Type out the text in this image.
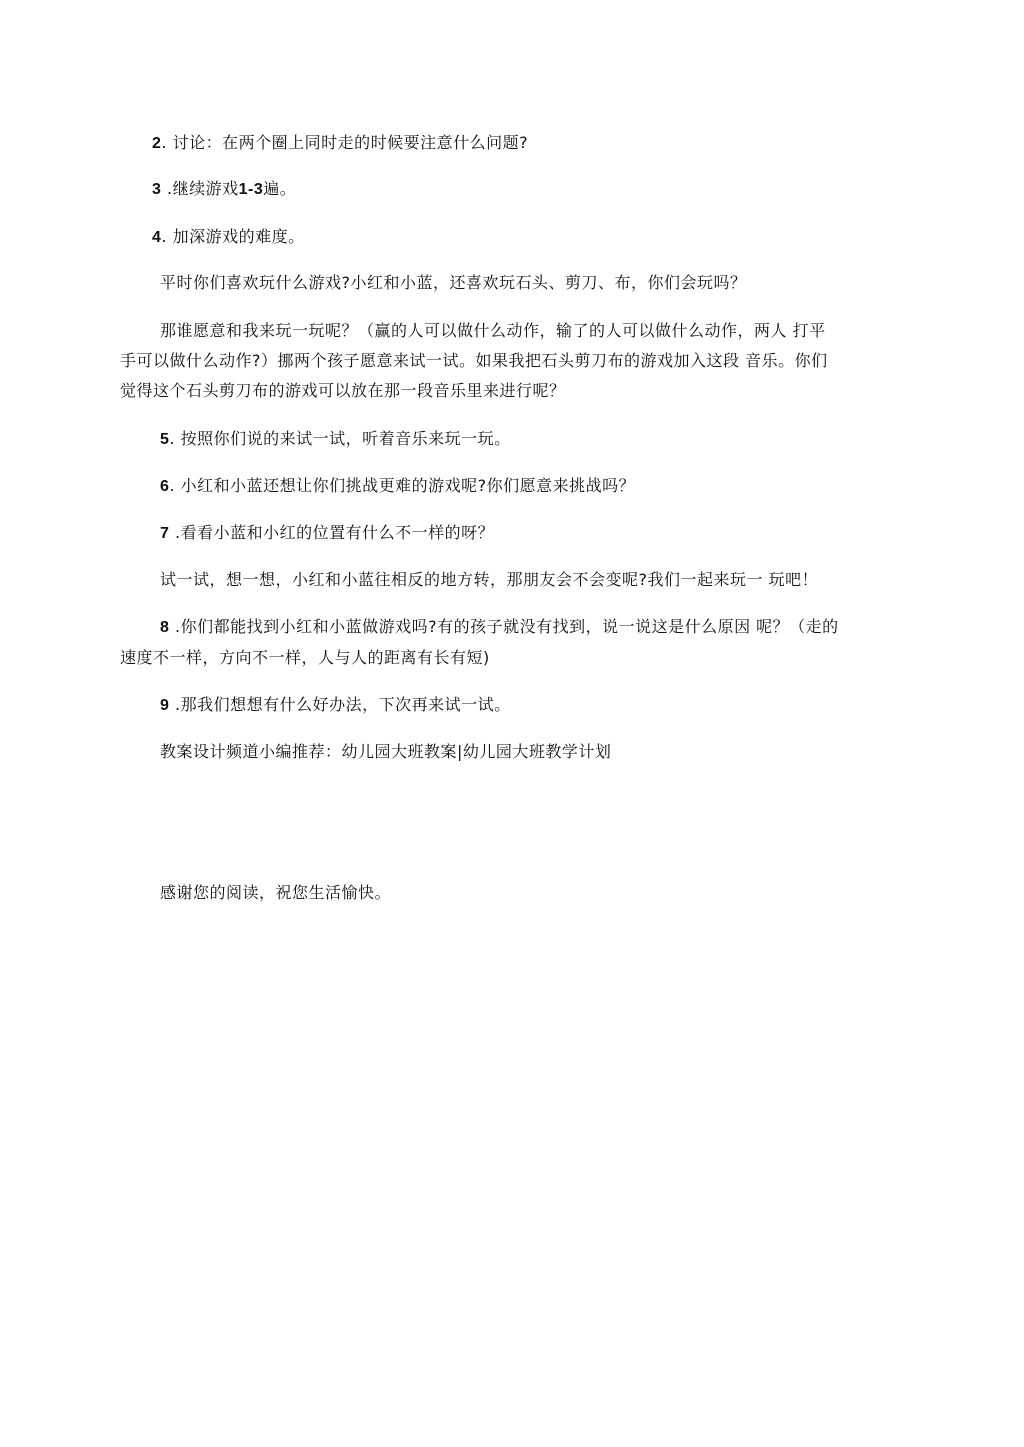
2. 讨论：在两个圈上同时走的时候要注意什么问题?
3 .继续游戏1-3遍。
4. 加深游戏的难度。
平时你们喜欢玩什么游戏?小红和小蓝，还喜欢玩石头、剪刀、布，你们会玩吗？
那谁愿意和我来玩一玩呢？（赢的人可以做什么动作，输了的人可以做什么动作，两人 打平
手可以做什么动作?）挪两个孩子愿意来试一试。如果我把石头剪刀布的游戏加入这段 音乐。你们
觉得这个石头剪刀布的游戏可以放在那一段音乐里来进行呢？
5. 按照你们说的来试一试，听着音乐来玩一玩。
6. 小红和小蓝还想让你们挑战更难的游戏呢?你们愿意来挑战吗？
7 .看看小蓝和小红的位置有什么不一样的呀？
试一试，想一想，小红和小蓝往相反的地方转，那朋友会不会变呢?我们一起来玩一 玩吧！
8 .你们都能找到小红和小蓝做游戏吗?有的孩子就没有找到，说一说这是什么原因 呢？（走的
速度不一样，方向不一样，人与人的距离有长有短)
9 .那我们想想有什么好办法，下次再来试一试。
教案设计频道小编推荐：幼儿园大班教案|幼儿园大班教学计划
感谢您的阅读，祝您生活愉快。
